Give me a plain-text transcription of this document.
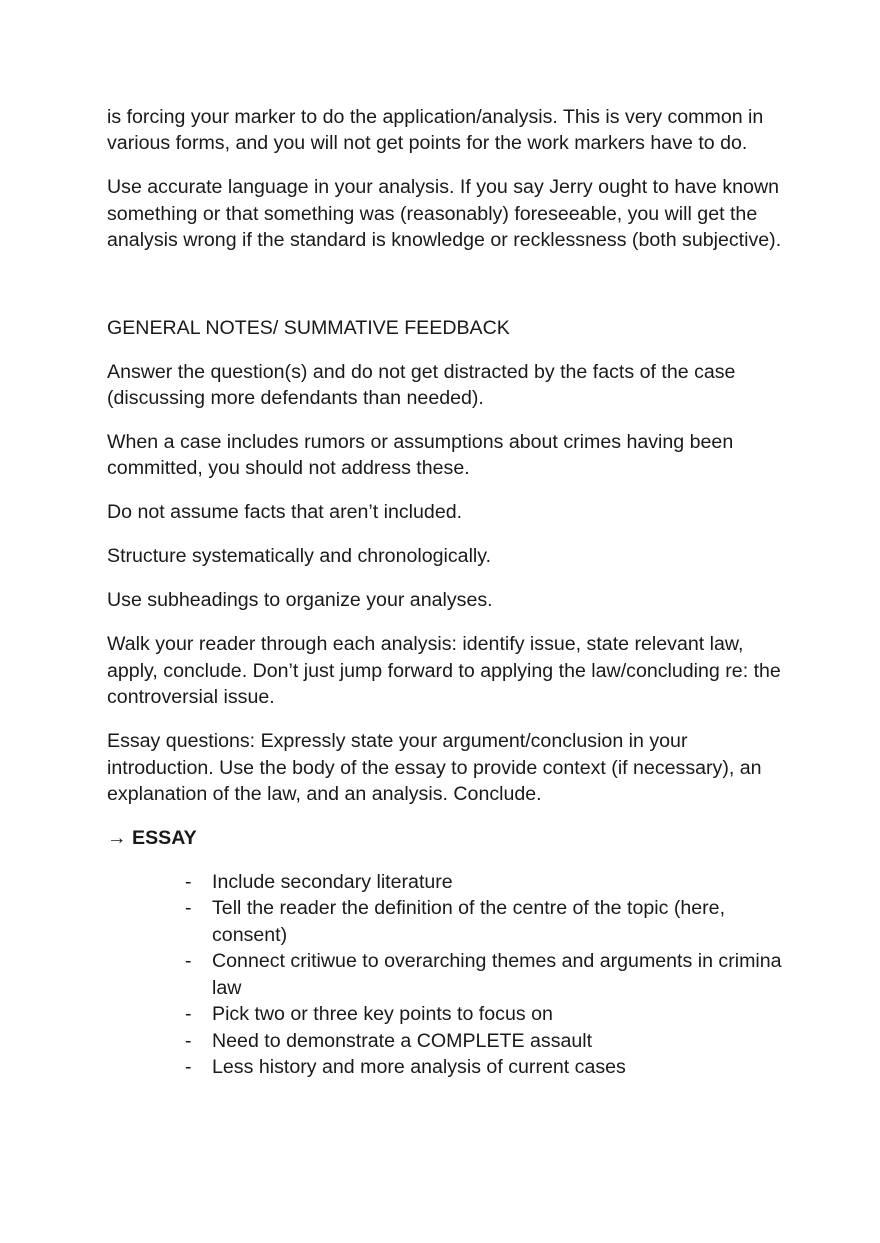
is forcing your marker to do the application/analysis. This is very common in various forms, and you will not get points for the work markers have to do.

Use accurate language in your analysis. If you say Jerry ought to have known something or that something was (reasonably) foreseeable, you will get the analysis wrong if the standard is knowledge or recklessness (both subjective).

GENERAL NOTES/ SUMMATIVE FEEDBACK

Answer the question(s) and do not get distracted by the facts of the case (discussing more defendants than needed).

When a case includes rumors or assumptions about crimes having been committed, you should not address these.

Do not assume facts that aren’t included.

Structure systematically and chronologically.

Use subheadings to organize your analyses.

Walk your reader through each analysis: identify issue, state relevant law, apply, conclude. Don’t just jump forward to applying the law/concluding re: the controversial issue.

Essay questions: Expressly state your argument/conclusion in your introduction. Use the body of the essay to provide context (if necessary), an explanation of the law, and an analysis. Conclude.

→ ESSAY
- Include secondary literature
- Tell the reader the definition of the centre of the topic (here, consent)
- Connect critiwue to overarching themes and arguments in crimina law
- Pick two or three key points to focus on
- Need to demonstrate a COMPLETE assault
- Less history and more analysis of current cases
